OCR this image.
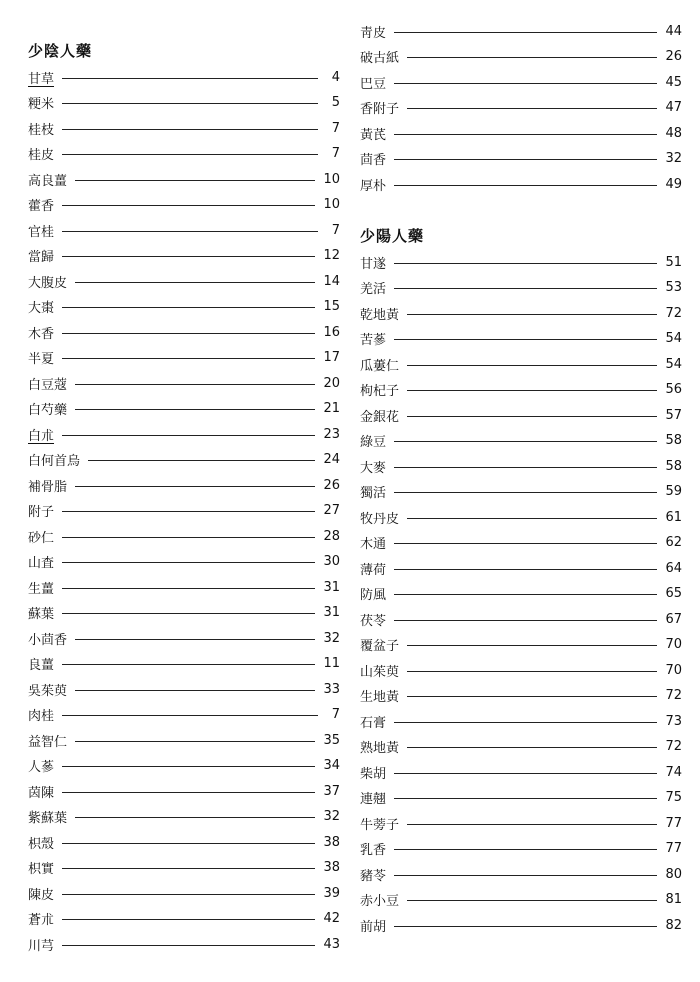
少陰人藥
甘草	4
粳米	5
桂枝	7
桂皮	7
高良薑	10
藿香	10
官桂	7
當歸	12
大腹皮	14
大棗	15
木香	16
半夏	17
白豆蔻	20
白芍藥	21
白朮	23
白何首烏	24
補骨脂	26
附子	27
砂仁	28
山査	30
生薑	31
蘇葉	31
小茴香	32
良薑	11
吳茱萸	33
肉桂	7
益智仁	35
人蔘	34
茵陳	37
紫蘇葉	32
枳殼	38
枳實	38
陳皮	39
蒼朮	42
川芎	43
靑皮	44
破古紙	26
巴豆	45
香附子	47
黃芪	48
茴香	32
厚朴	49
少陽人藥
甘遂	51
羌活	53
乾地黃	72
苦蔘	54
瓜蔞仁	54
枸杞子	56
金銀花	57
綠豆	58
大麥	58
獨活	59
牧丹皮	61
木通	62
薄荷	64
防風	65
茯苓	67
覆盆子	70
山茱萸	70
生地黃	72
石膏	73
熟地黃	72
柴胡	74
連翹	75
牛蒡子	77
乳香	77
豬苓	80
赤小豆	81
前胡	82
